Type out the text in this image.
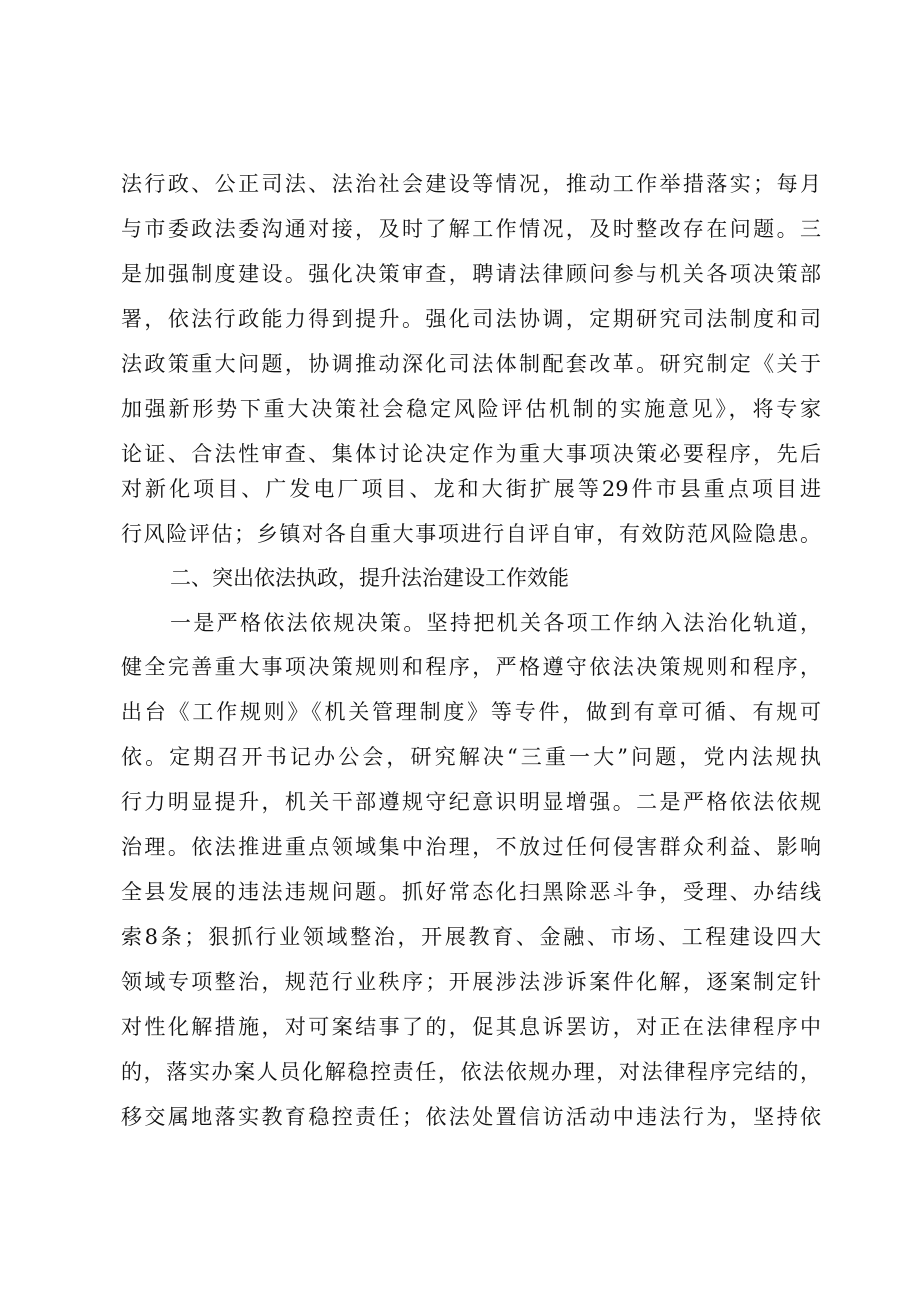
法行政、公正司法、法治社会建设等情况，推动工作举措落实；每月
与市委政法委沟通对接，及时了解工作情况，及时整改存在问题。三
是加强制度建设。强化决策审查，聘请法律顾问参与机关各项决策部
署，依法行政能力得到提升。强化司法协调，定期研究司法制度和司
法政策重大问题，协调推动深化司法体制配套改革。研究制定《关于
加强新形势下重大决策社会稳定风险评估机制的实施意见》，将专家
论证、合法性审查、集体讨论决定作为重大事项决策必要程序，先后
对新化项目、广发电厂项目、龙和大街扩展等29件市县重点项目进
行风险评估；乡镇对各自重大事项进行自评自审，有效防范风险隐患。
二、突出依法执政，提升法治建设工作效能
一是严格依法依规决策。坚持把机关各项工作纳入法治化轨道，
健全完善重大事项决策规则和程序，严格遵守依法决策规则和程序，
出台《工作规则》《机关管理制度》等专件，做到有章可循、有规可
依。定期召开书记办公会，研究解决“三重一大”问题，党内法规执
行力明显提升，机关干部遵规守纪意识明显增强。二是严格依法依规
治理。依法推进重点领域集中治理，不放过任何侵害群众利益、影响
全县发展的违法违规问题。抓好常态化扫黑除恶斗争，受理、办结线
索8条；狠抓行业领域整治，开展教育、金融、市场、工程建设四大
领域专项整治，规范行业秩序；开展涉法涉诉案件化解，逐案制定针
对性化解措施，对可案结事了的，促其息诉罢访，对正在法律程序中
的，落实办案人员化解稳控责任，依法依规办理，对法律程序完结的，
移交属地落实教育稳控责任；依法处置信访活动中违法行为，坚持依
